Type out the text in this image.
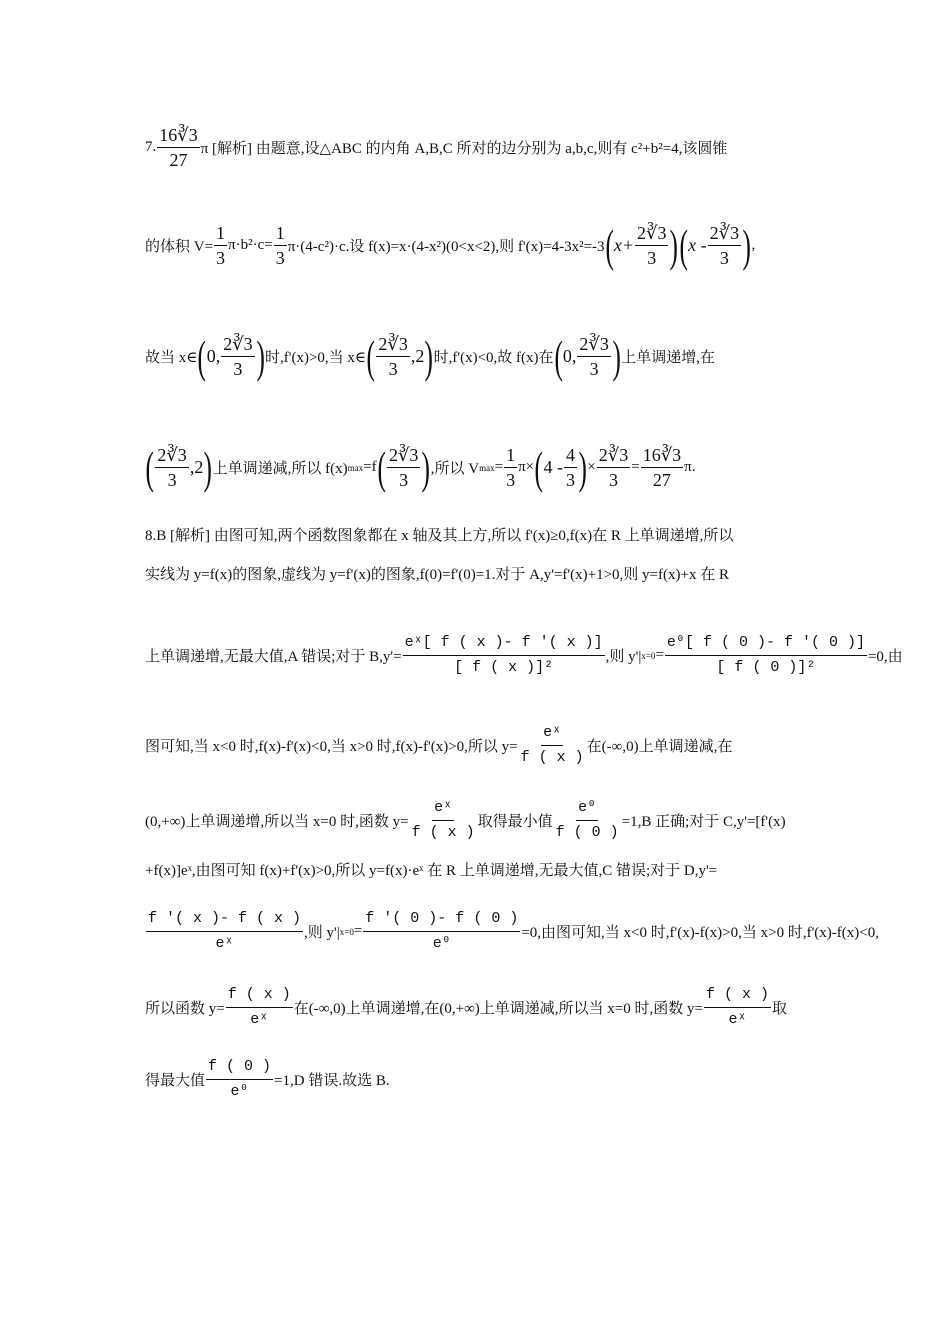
7. $\frac{16∛3}{27}$ π [解析] 由题意,设△ABC 的内角 A,B,C 所对的边分别为 a,b,c,则有 c²+b²=4,该圆锥
的体积 $V= \frac{1}{3} \pi\cdot b^2\cdot c= \frac{1}{3} \pi\cdot(4-c^2)\cdot c$.设 f(x)=x·(4-x²)(0<x<2),则 f'(x)=4-3x²=-3 ( $x+ \frac{2∛3}{3}$ ) ( x - $\frac{2∛3}{3}$ ) ,
故当 x∈ ( 0, $\frac{2∛3}{3}$ ) 时,f'(x)>0,当 x∈ ( $\frac{2∛3}{3} ,2$ ) 时,f'(x)<0,故 f(x)在 ( 0, $\frac{2∛3}{3}$ ) 上单调递增,在
( $\frac{2∛3}{3} ,2$ ) 上单调递减,所以 f(x) max =f ( $\frac{2∛3}{3}$ ) ,所以 V $\max = \frac{1}{3} \pi\times$ ( $4 - \frac{4}{3}$ ) × $\frac{2∛3}{3} = \frac{16∛3}{27} \pi$.
8.B [解析] 由图可知,两个函数图象都在 x 轴及其上方,所以 f'(x)≥0,f(x)在 R 上单调递增,所以
实线为 y=f(x)的图象,虚线为 y=f'(x)的图象,f(0)=f'(0)=1.对于 A,y'=f'(x)+1>0,则 y=f(x)+x 在 R
上单调递增,无最大值,A 错误;对于 $B,y'= \frac{\text{eˣ[ f ( x )- f '( x )]}}{\text{[ f ( x )]²}}$ ,则 y'| $x=0 = \frac{\text{e⁰[ f ( 0 )- f '( 0 )]}}{\text{[ f ( 0 )]²}} =0$,由
图可知,当 x<0 时,f(x)-f'(x)<0,当 x>0 时,f(x)-f'(x)>0,所以 $y= \frac{\text{eˣ}}{f ( x )}$ 在(-∞,0)上单调递减,在
(0,+∞)上单调递增,所以当 x=0 时,函数 $y= \frac{\text{eˣ}}{f ( x )}$ 取得最小值 $\frac{\text{e⁰}}{f ( 0 )} =1,B$ 正确;对于 C,y'=[f'(x)
+f(x)]eˣ,由图可知 f(x)+f'(x)>0,所以 y=f(x)·eˣ 在 R 上单调递增,无最大值,C 错误;对于 D,y'=
$\frac{f '( x )- f ( x )}{\text{eˣ}}$ ,则 y'| $x=0 = \frac{f '( 0 )- f ( 0 )}{\text{e⁰}} =0$,由图可知,当 x<0 时,f'(x)-f(x)>0,当 x>0 时,f'(x)-f(x)<0,
所以函数 $y= \frac{f ( x )}{\text{eˣ}}$ 在(-∞,0)上单调递增,在(0,+∞)上单调递减,所以当 x=0 时,函数 $y= \frac{f ( x )}{\text{eˣ}}$ 取
得最大值 $\frac{f ( 0 )}{\text{e⁰}} =1,D$ 错误.故选 B.
